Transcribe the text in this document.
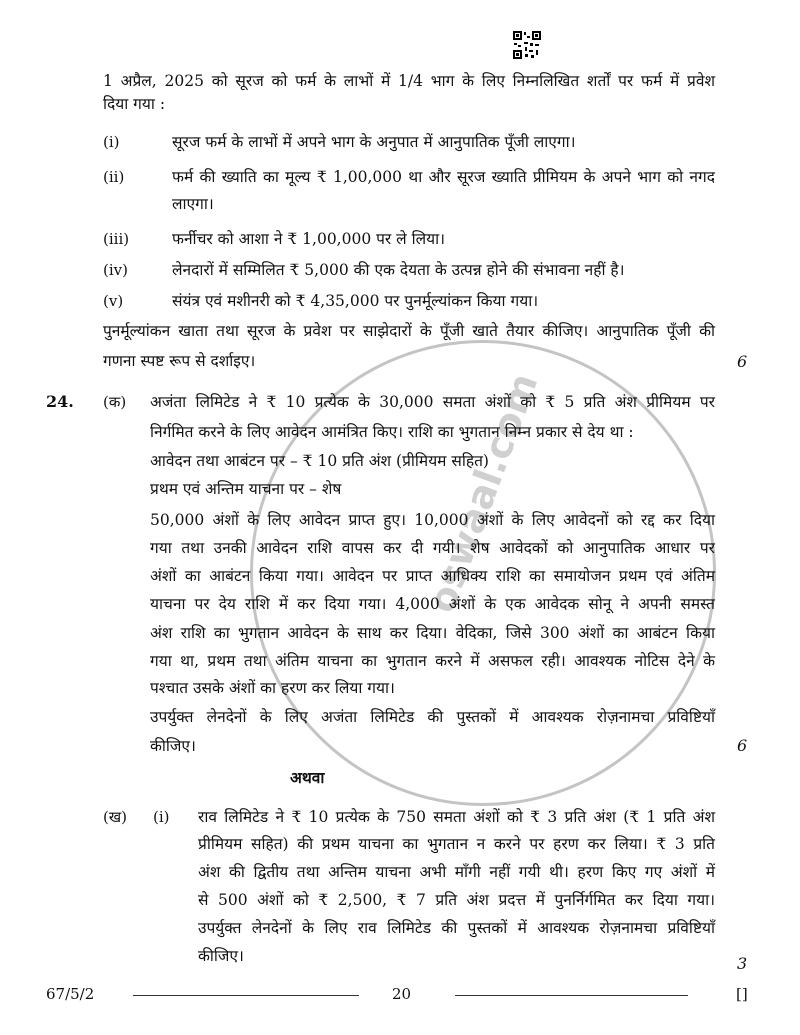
oswaal.com
1 अप्रैल, 2025 को सूरज को फर्म के लाभों में 1/4 भाग के लिए निम्नलिखित शर्तों पर फर्म में प्रवेश
दिया गया :
(i)	सूरज फर्म के लाभों में अपने भाग के अनुपात में आनुपातिक पूँजी लाएगा।
(ii)	फर्म की ख्याति का मूल्य ₹ 1,00,000 था और सूरज ख्याति प्रीमियम के अपने भाग को नगद
लाएगा।
(iii)	फर्नीचर को आशा ने ₹ 1,00,000 पर ले लिया।
(iv)	लेनदारों में सम्मिलित ₹ 5,000 की एक देयता के उत्पन्न होने की संभावना नहीं है।
(v)	संयंत्र एवं मशीनरी को ₹ 4,35,000 पर पुनर्मूल्यांकन किया गया।
पुनर्मूल्यांकन खाता तथा सूरज के प्रवेश पर साझेदारों के पूँजी खाते तैयार कीजिए। आनुपातिक पूँजी की
गणना स्पष्ट रूप से दर्शाइए।	6
24. (क) अजंता लिमिटेड ने ₹ 10 प्रत्येक के 30,000 समता अंशों को ₹ 5 प्रति अंश प्रीमियम पर
निर्गमित करने के लिए आवेदन आमंत्रित किए। राशि का भुगतान निम्न प्रकार से देय था :
आवेदन तथा आबंटन पर – ₹ 10 प्रति अंश (प्रीमियम सहित)
प्रथम एवं अन्तिम याचना पर – शेष
50,000 अंशों के लिए आवेदन प्राप्त हुए। 10,000 अंशों के लिए आवेदनों को रद्द कर दिया
गया तथा उनकी आवेदन राशि वापस कर दी गयी। शेष आवेदकों को आनुपातिक आधार पर
अंशों का आबंटन किया गया। आवेदन पर प्राप्त आधिक्य राशि का समायोजन प्रथम एवं अंतिम
याचना पर देय राशि में कर दिया गया। 4,000 अंशों के एक आवेदक सोनू ने अपनी समस्त
अंश राशि का भुगतान आवेदन के साथ कर दिया। वेदिका, जिसे 300 अंशों का आबंटन किया
गया था, प्रथम तथा अंतिम याचना का भुगतान करने में असफल रही। आवश्यक नोटिस देने के
पश्चात उसके अंशों का हरण कर लिया गया।
उपर्युक्त लेनदेनों के लिए अजंता लिमिटेड की पुस्तकों में आवश्यक रोज़नामचा प्रविष्टियाँ
कीजिए।	6
अथवा
(ख) (i) राव लिमिटेड ने ₹ 10 प्रत्येक के 750 समता अंशों को ₹ 3 प्रति अंश (₹ 1 प्रति अंश
प्रीमियम सहित) की प्रथम याचना का भुगतान न करने पर हरण कर लिया। ₹ 3 प्रति
अंश की द्वितीय तथा अन्तिम याचना अभी माँगी नहीं गयी थी। हरण किए गए अंशों में
से 500 अंशों को ₹ 2,500, ₹ 7 प्रति अंश प्रदत्त में पुनर्निर्गमित कर दिया गया।
उपर्युक्त लेनदेनों के लिए राव लिमिटेड की पुस्तकों में आवश्यक रोज़नामचा प्रविष्टियाँ
कीजिए।	3
67/5/2	20	[]
